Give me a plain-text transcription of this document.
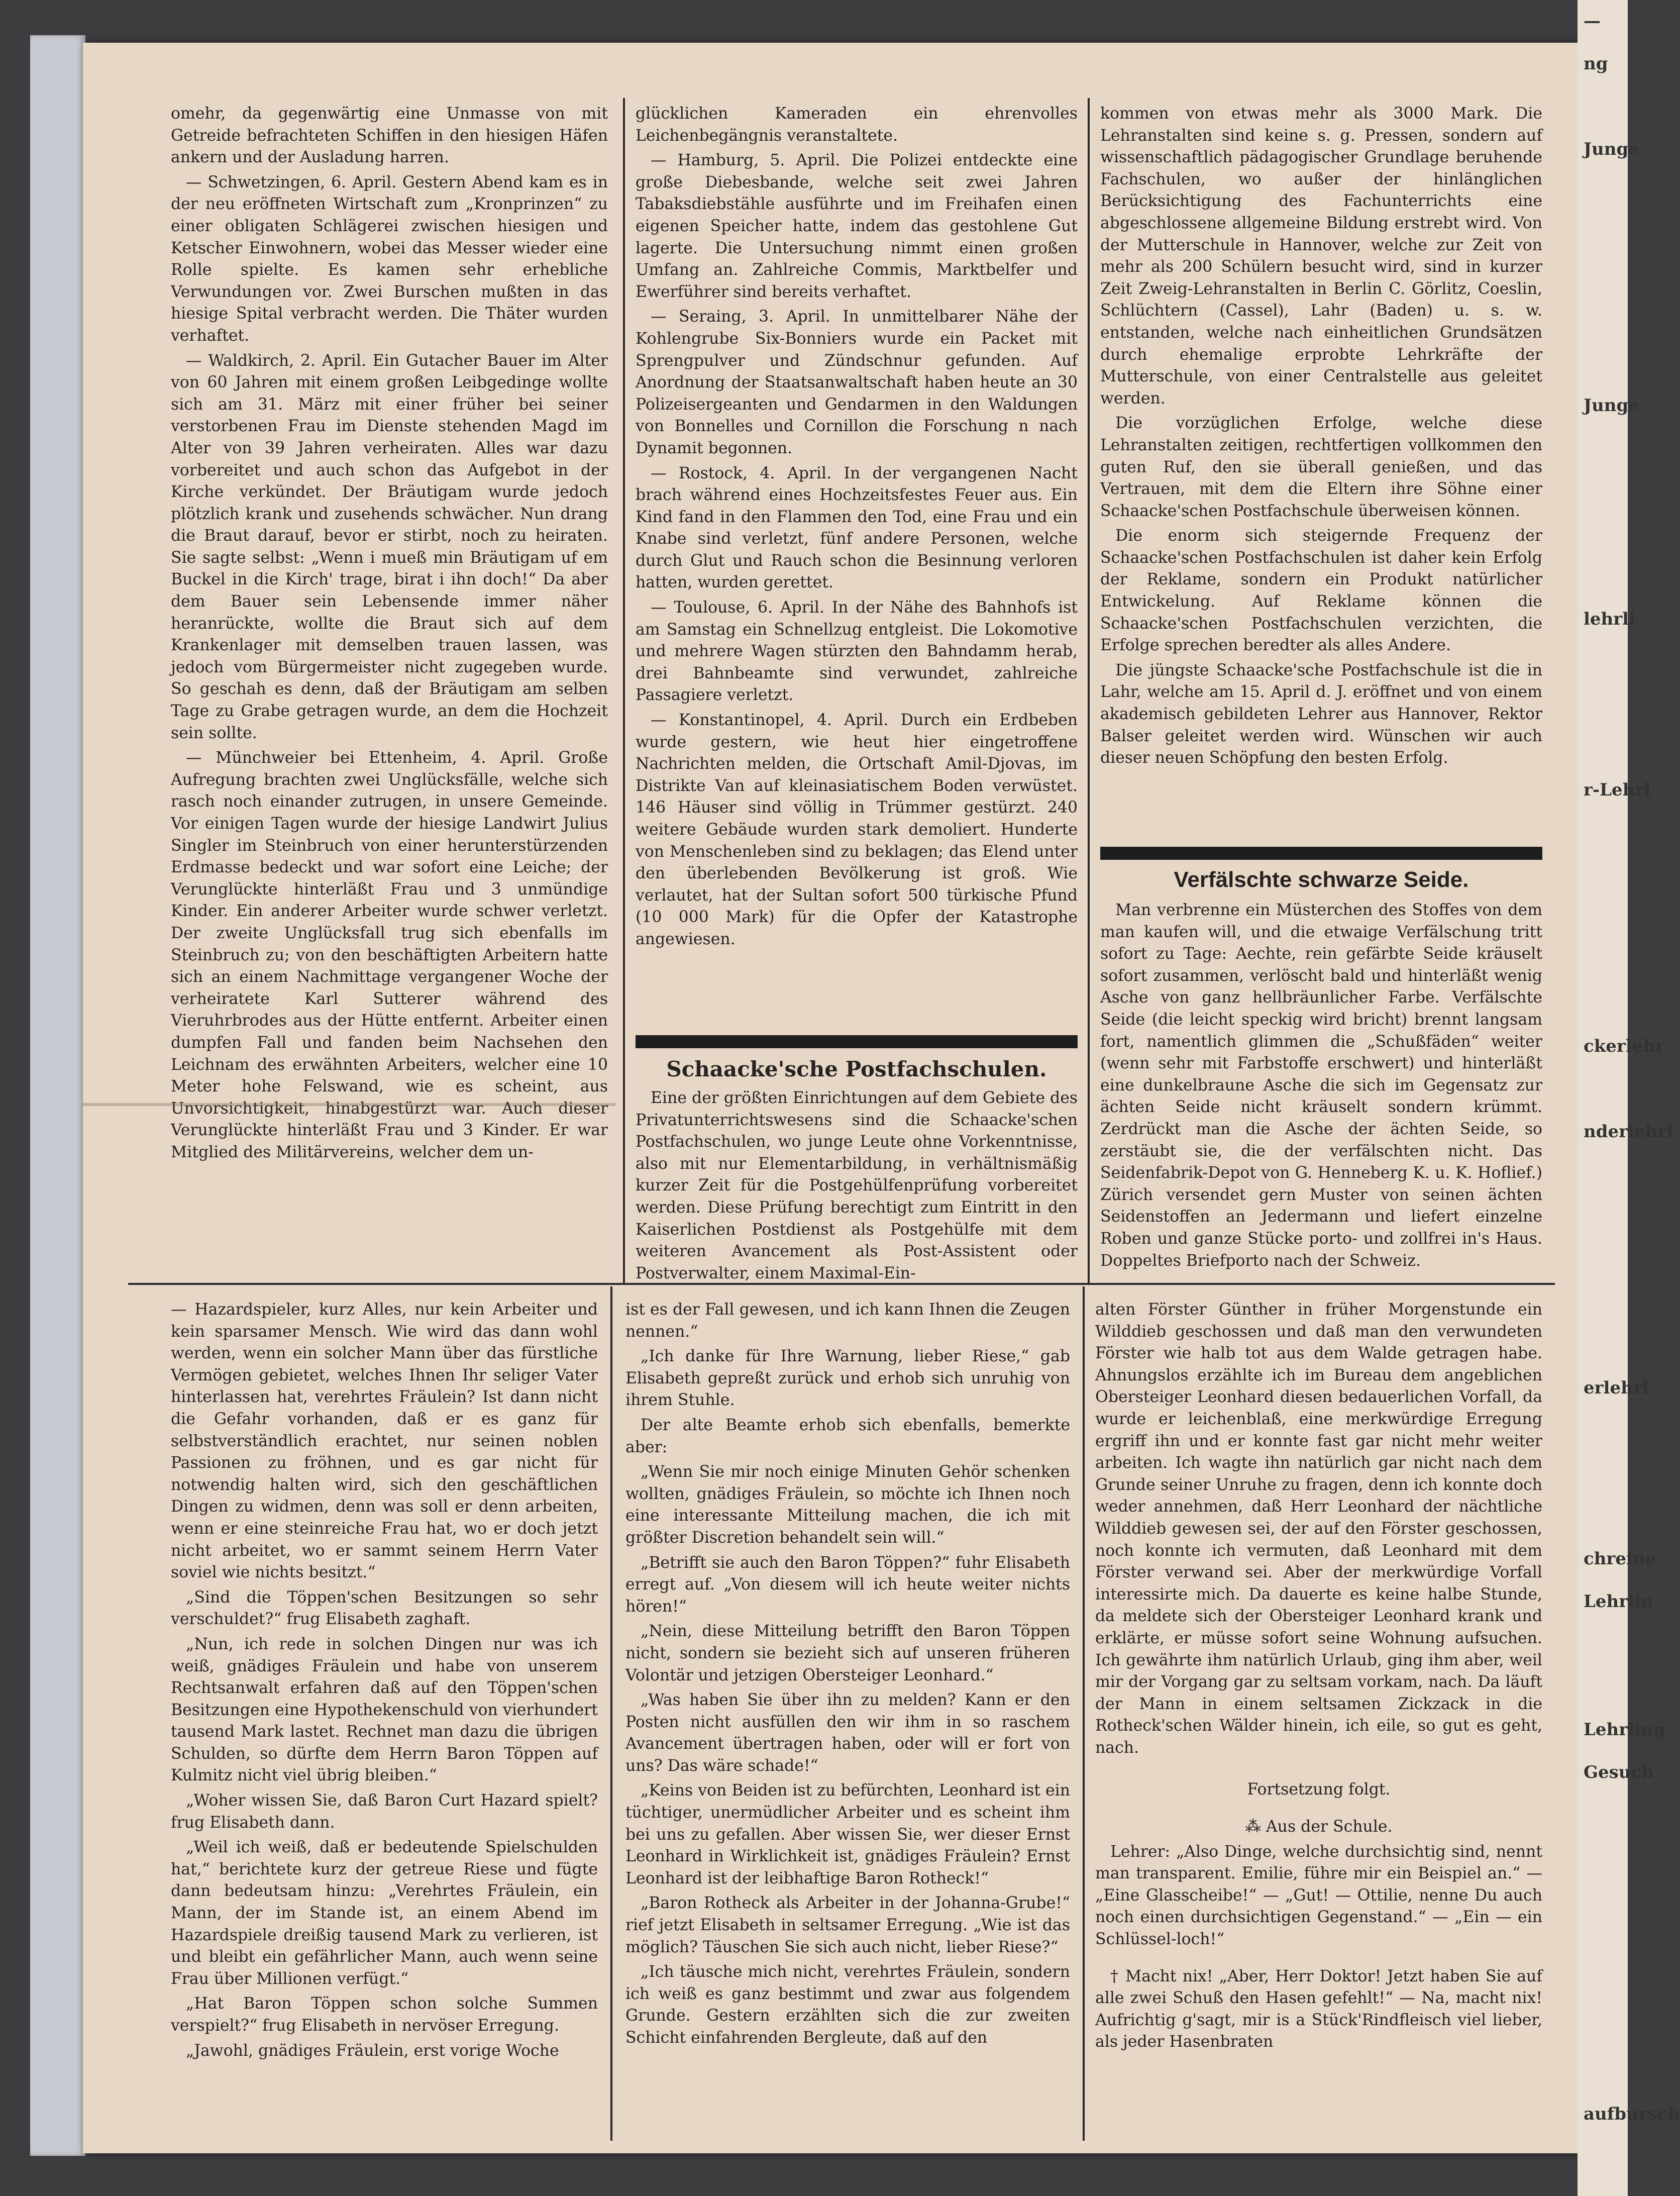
omehr, da gegenwärtig eine Unmasse von mit Getreide befrachteten Schiffen in den hiesigen Häfen ankern und der Ausladung harren.

— Schwetzingen, 6. April. Gestern Abend kam es in der neu eröffneten Wirtschaft zum „Kronprinzen“ zu einer obligaten Schlägerei zwischen hiesigen und Ketscher Einwohnern, wobei das Messer wieder eine Rolle spielte. Es kamen sehr erhebliche Verwundungen vor. Zwei Burschen mußten in das hiesige Spital verbracht werden. Die Thäter wurden verhaftet.

— Waldkirch, 2. April. Ein Gutacher Bauer im Alter von 60 Jahren mit einem großen Leibgedinge wollte sich am 31. März mit einer früher bei seiner verstorbenen Frau im Dienste stehenden Magd im Alter von 39 Jahren verheiraten. Alles war dazu vorbereitet und auch schon das Aufgebot in der Kirche verkündet. Der Bräutigam wurde jedoch plötzlich krank und zusehends schwächer. Nun drang die Braut darauf, bevor er stirbt, noch zu heiraten. Sie sagte selbst: „Wenn i mueß min Bräutigam uf em Buckel in die Kirch' trage, birat i ihn doch!“ Da aber dem Bauer sein Lebensende immer näher heranrückte, wollte die Braut sich auf dem Krankenlager mit demselben trauen lassen, was jedoch vom Bürgermeister nicht zugegeben wurde. So geschah es denn, daß der Bräutigam am selben Tage zu Grabe getragen wurde, an dem die Hochzeit sein sollte.

— Münchweier bei Ettenheim, 4. April. Große Aufregung brachten zwei Unglücksfälle, welche sich rasch noch einander zutrugen, in unsere Gemeinde. Vor einigen Tagen wurde der hiesige Landwirt Julius Singler im Steinbruch von einer herunterstürzenden Erdmasse bedeckt und war sofort eine Leiche; der Verunglückte hinterläßt Frau und 3 unmündige Kinder. Ein anderer Arbeiter wurde schwer verletzt. Der zweite Unglücksfall trug sich ebenfalls im Steinbruch zu; von den beschäftigten Arbeitern hatte sich an einem Nachmittage vergangener Woche der verheiratete Karl Sutterer während des Vieruhrbrodes aus der Hütte entfernt. Arbeiter einen dumpfen Fall und fanden beim Nachsehen den Leichnam des erwähnten Arbeiters, welcher eine 10 Meter hohe Felswand, wie es scheint, aus Unvorsichtigkeit, hinabgestürzt war. Auch dieser Verunglückte hinterläßt Frau und 3 Kinder. Er war Mitglied des Militärvereins, welcher dem un-

glücklichen Kameraden ein ehrenvolles Leichenbegängnis veranstaltete.

— Hamburg, 5. April. Die Polizei entdeckte eine große Diebesbande, welche seit zwei Jahren Tabaksdiebstähle ausführte und im Freihafen einen eigenen Speicher hatte, indem das gestohlene Gut lagerte. Die Untersuchung nimmt einen großen Umfang an. Zahlreiche Commis, Marktbelfer und Ewerführer sind bereits verhaftet.

— Seraing, 3. April. In unmittelbarer Nähe der Kohlengrube Six-Bonniers wurde ein Packet mit Sprengpulver und Zündschnur gefunden. Auf Anordnung der Staatsanwaltschaft haben heute an 30 Polizeisergeanten und Gendarmen in den Waldungen von Bonnelles und Cornillon die Forschung n nach Dynamit begonnen.

— Rostock, 4. April. In der vergangenen Nacht brach während eines Hochzeitsfestes Feuer aus. Ein Kind fand in den Flammen den Tod, eine Frau und ein Knabe sind verletzt, fünf andere Personen, welche durch Glut und Rauch schon die Besinnung verloren hatten, wurden gerettet.

— Toulouse, 6. April. In der Nähe des Bahnhofs ist am Samstag ein Schnellzug entgleist. Die Lokomotive und mehrere Wagen stürzten den Bahndamm herab, drei Bahnbeamte sind verwundet, zahlreiche Passagiere verletzt.

— Konstantinopel, 4. April. Durch ein Erdbeben wurde gestern, wie heut hier eingetroffene Nachrichten melden, die Ortschaft Amil-Djovas, im Distrikte Van auf kleinasiatischem Boden verwüstet. 146 Häuser sind völlig in Trümmer gestürzt. 240 weitere Gebäude wurden stark demoliert. Hunderte von Menschenleben sind zu beklagen; das Elend unter den überlebenden Bevölkerung ist groß. Wie verlautet, hat der Sultan sofort 500 türkische Pfund (10 000 Mark) für die Opfer der Katastrophe angewiesen.

Schaacke'sche Postfachschulen.

Eine der größten Einrichtungen auf dem Gebiete des Privatunterrichtswesens sind die Schaacke'schen Postfachschulen, wo junge Leute ohne Vorkenntnisse, also mit nur Elementarbildung, in verhältnismäßig kurzer Zeit für die Postgehülfenprüfung vorbereitet werden. Diese Prüfung berechtigt zum Eintritt in den Kaiserlichen Postdienst als Postgehülfe mit dem weiteren Avancement als Post-Assistent oder Postverwalter, einem Maximal-Ein-

kommen von etwas mehr als 3000 Mark. Die Lehranstalten sind keine s. g. Pressen, sondern auf wissenschaftlich pädagogischer Grundlage beruhende Fachschulen, wo außer der hinlänglichen Berücksichtigung des Fachunterrichts eine abgeschlossene allgemeine Bildung erstrebt wird. Von der Mutterschule in Hannover, welche zur Zeit von mehr als 200 Schülern besucht wird, sind in kurzer Zeit Zweig-Lehranstalten in Berlin C. Görlitz, Coeslin, Schlüchtern (Cassel), Lahr (Baden) u. s. w. entstanden, welche nach einheitlichen Grundsätzen durch ehemalige erprobte Lehrkräfte der Mutterschule, von einer Centralstelle aus geleitet werden.

Die vorzüglichen Erfolge, welche diese Lehranstalten zeitigen, rechtfertigen vollkommen den guten Ruf, den sie überall genießen, und das Vertrauen, mit dem die Eltern ihre Söhne einer Schaacke'schen Postfachschule überweisen können.

Die enorm sich steigernde Frequenz der Schaacke'schen Postfachschulen ist daher kein Erfolg der Reklame, sondern ein Produkt natürlicher Entwickelung. Auf Reklame können die Schaacke'schen Postfachschulen verzichten, die Erfolge sprechen beredter als alles Andere.

Die jüngste Schaacke'sche Postfachschule ist die in Lahr, welche am 15. April d. J. eröffnet und von einem akademisch gebildeten Lehrer aus Hannover, Rektor Balser geleitet werden wird. Wünschen wir auch dieser neuen Schöpfung den besten Erfolg.

Verfälschte schwarze Seide.

Man verbrenne ein Müsterchen des Stoffes von dem man kaufen will, und die etwaige Verfälschung tritt sofort zu Tage: Aechte, rein gefärbte Seide kräuselt sofort zusammen, verlöscht bald und hinterläßt wenig Asche von ganz hellbräunlicher Farbe. Verfälschte Seide (die leicht speckig wird bricht) brennt langsam fort, namentlich glimmen die „Schußfäden“ weiter (wenn sehr mit Farbstoffe erschwert) und hinterläßt eine dunkelbraune Asche die sich im Gegensatz zur ächten Seide nicht kräuselt sondern krümmt. Zerdrückt man die Asche der ächten Seide, so zerstäubt sie, die der verfälschten nicht. Das Seidenfabrik-Depot von G. Henneberg K. u. K. Hoflief.) Zürich versendet gern Muster von seinen ächten Seidenstoffen an Jedermann und liefert einzelne Roben und ganze Stücke porto- und zollfrei in's Haus. Doppeltes Briefporto nach der Schweiz.

— Hazardspieler, kurz Alles, nur kein Arbeiter und kein sparsamer Mensch. Wie wird das dann wohl werden, wenn ein solcher Mann über das fürstliche Vermögen gebietet, welches Ihnen Ihr seliger Vater hinterlassen hat, verehrtes Fräulein? Ist dann nicht die Gefahr vorhanden, daß er es ganz für selbstverständlich erachtet, nur seinen noblen Passionen zu fröhnen, und es gar nicht für notwendig halten wird, sich den geschäftlichen Dingen zu widmen, denn was soll er denn arbeiten, wenn er eine steinreiche Frau hat, wo er doch jetzt nicht arbeitet, wo er sammt seinem Herrn Vater soviel wie nichts besitzt.“

„Sind die Töppen'schen Besitzungen so sehr verschuldet?“ frug Elisabeth zaghaft.

„Nun, ich rede in solchen Dingen nur was ich weiß, gnädiges Fräulein und habe von unserem Rechtsanwalt erfahren daß auf den Töppen'schen Besitzungen eine Hypothekenschuld von vierhundert tausend Mark lastet. Rechnet man dazu die übrigen Schulden, so dürfte dem Herrn Baron Töppen auf Kulmitz nicht viel übrig bleiben.“

„Woher wissen Sie, daß Baron Curt Hazard spielt? frug Elisabeth dann.

„Weil ich weiß, daß er bedeutende Spielschulden hat,“ berichtete kurz der getreue Riese und fügte dann bedeutsam hinzu: „Verehrtes Fräulein, ein Mann, der im Stande ist, an einem Abend im Hazardspiele dreißig tausend Mark zu verlieren, ist und bleibt ein gefährlicher Mann, auch wenn seine Frau über Millionen verfügt.“

„Hat Baron Töppen schon solche Summen verspielt?“ frug Elisabeth in nervöser Erregung.

„Jawohl, gnädiges Fräulein, erst vorige Woche

ist es der Fall gewesen, und ich kann Ihnen die Zeugen nennen.“

„Ich danke für Ihre Warnung, lieber Riese,“ gab Elisabeth gepreßt zurück und erhob sich unruhig von ihrem Stuhle.

Der alte Beamte erhob sich ebenfalls, bemerkte aber:

„Wenn Sie mir noch einige Minuten Gehör schenken wollten, gnädiges Fräulein, so möchte ich Ihnen noch eine interessante Mitteilung machen, die ich mit größter Discretion behandelt sein will.“

„Betrifft sie auch den Baron Töppen?“ fuhr Elisabeth erregt auf. „Von diesem will ich heute weiter nichts hören!“

„Nein, diese Mitteilung betrifft den Baron Töppen nicht, sondern sie bezieht sich auf unseren früheren Volontär und jetzigen Obersteiger Leonhard.“

„Was haben Sie über ihn zu melden? Kann er den Posten nicht ausfüllen den wir ihm in so raschem Avancement übertragen haben, oder will er fort von uns? Das wäre schade!“

„Keins von Beiden ist zu befürchten, Leonhard ist ein tüchtiger, unermüdlicher Arbeiter und es scheint ihm bei uns zu gefallen. Aber wissen Sie, wer dieser Ernst Leonhard in Wirklichkeit ist, gnädiges Fräulein? Ernst Leonhard ist der leibhaftige Baron Rotheck!“

„Baron Rotheck als Arbeiter in der Johanna-Grube!“ rief jetzt Elisabeth in seltsamer Erregung. „Wie ist das möglich? Täuschen Sie sich auch nicht, lieber Riese?“

„Ich täusche mich nicht, verehrtes Fräulein, sondern ich weiß es ganz bestimmt und zwar aus folgendem Grunde. Gestern erzählten sich die zur zweiten Schicht einfahrenden Bergleute, daß auf den

alten Förster Günther in früher Morgenstunde ein Wilddieb geschossen und daß man den verwundeten Förster wie halb tot aus dem Walde getragen habe. Ahnungslos erzählte ich im Bureau dem angeblichen Obersteiger Leonhard diesen bedauerlichen Vorfall, da wurde er leichenblaß, eine merkwürdige Erregung ergriff ihn und er konnte fast gar nicht mehr weiter arbeiten. Ich wagte ihn natürlich gar nicht nach dem Grunde seiner Unruhe zu fragen, denn ich konnte doch weder annehmen, daß Herr Leonhard der nächtliche Wilddieb gewesen sei, der auf den Förster geschossen, noch konnte ich vermuten, daß Leonhard mit dem Förster verwand sei. Aber der merkwürdige Vorfall interessirte mich. Da dauerte es keine halbe Stunde, da meldete sich der Obersteiger Leonhard krank und erklärte, er müsse sofort seine Wohnung aufsuchen. Ich gewährte ihm natürlich Urlaub, ging ihm aber, weil mir der Vorgang gar zu seltsam vorkam, nach. Da läuft der Mann in einem seltsamen Zickzack in die Rotheck'schen Wälder hinein, ich eile, so gut es geht, nach.

Fortsetzung folgt.

⁂ Aus der Schule.

Lehrer: „Also Dinge, welche durchsichtig sind, nennt man transparent. Emilie, führe mir ein Beispiel an.“ — „Eine Glasscheibe!“ — „Gut! — Ottilie, nenne Du auch noch einen durchsichtigen Gegenstand.“ — „Ein — ein Schlüssel-loch!“

† Macht nix! „Aber, Herr Doktor! Jetzt haben Sie auf alle zwei Schuß den Hasen gefehlt!“ — Na, macht nix! Aufrichtig g'sagt, mir is a Stück'Rindfleisch viel lieber, als jeder Hasenbraten

—
ng

Junge

Junge

lehrli

r-Lehrl

ckerlehr

nderlehrl

erlehrl

chreine
Lehrlin

Lehrling
Gesuch

aufbursch
